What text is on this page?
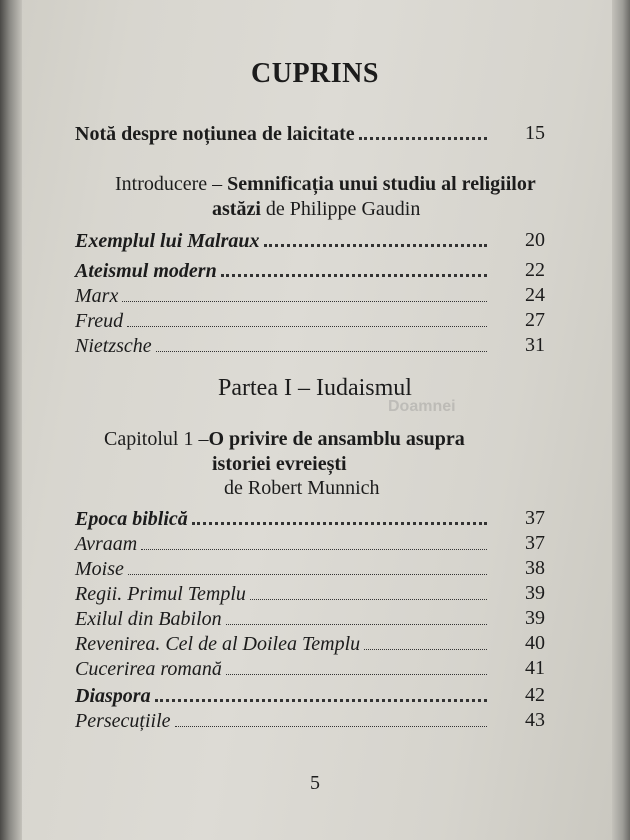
CUPRINS
Notă despre noțiunea de laicitate	15
Introducere – Semnificația unui studiu al religiilor
astăzi de Philippe Gaudin
Exemplul lui Malraux	20
Ateismul modern	22
Marx	24
Freud	27
Nietzsche	31
Partea I – Iudaismul
Doamnei
Capitolul 1 –O privire de ansamblu asupra
istoriei evreiești
de Robert Munnich
Epoca biblică	37
Avraam	37
Moise	38
Regii. Primul Templu	39
Exilul din Babilon	39
Revenirea. Cel de al Doilea Templu	40
Cucerirea romană	41
Diaspora	42
Persecuțiile	43
5
